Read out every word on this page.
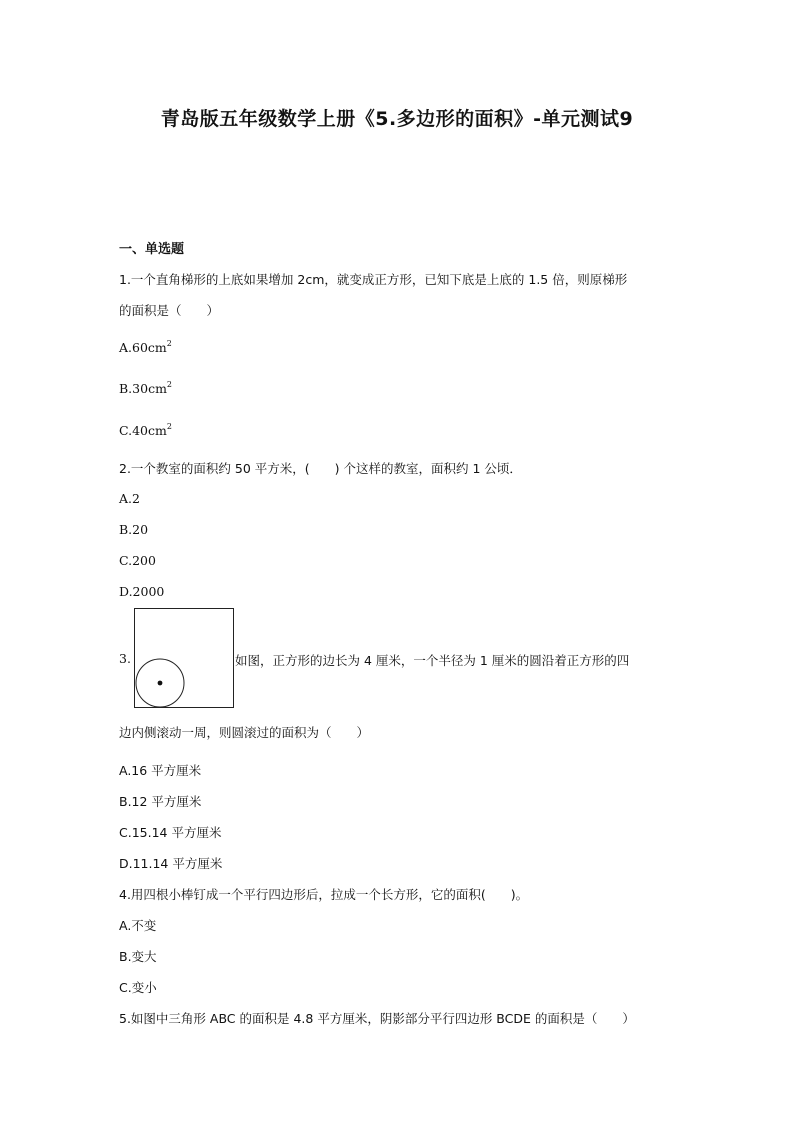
青岛版五年级数学上册《5.多边形的面积》-单元测试9
一、单选题
1.一个直角梯形的上底如果增加 2cm，就变成正方形，已知下底是上底的 1.5 倍，则原梯形
的面积是（　　）
$A.60cm^2$
$B.30cm^2$
$C.40cm^2$
2.一个教室的面积约 50 平方米，(　　) 个这样的教室，面积约 1 公顷．
A.2
B.20
C.200
D.2000
3.	如图，正方形的边长为 4 厘米，一个半径为 1 厘米的圆沿着正方形的四
边内侧滚动一周，则圆滚过的面积为（　　）
A.16 平方厘米
B.12 平方厘米
C.15.14 平方厘米
D.11.14 平方厘米
4.用四根小棒钉成一个平行四边形后，拉成一个长方形，它的面积(　　)。
A.不变
B.变大
C.变小
5.如图中三角形 ABC 的面积是 4.8 平方厘米，阴影部分平行四边形 BCDE 的面积是（　　）
